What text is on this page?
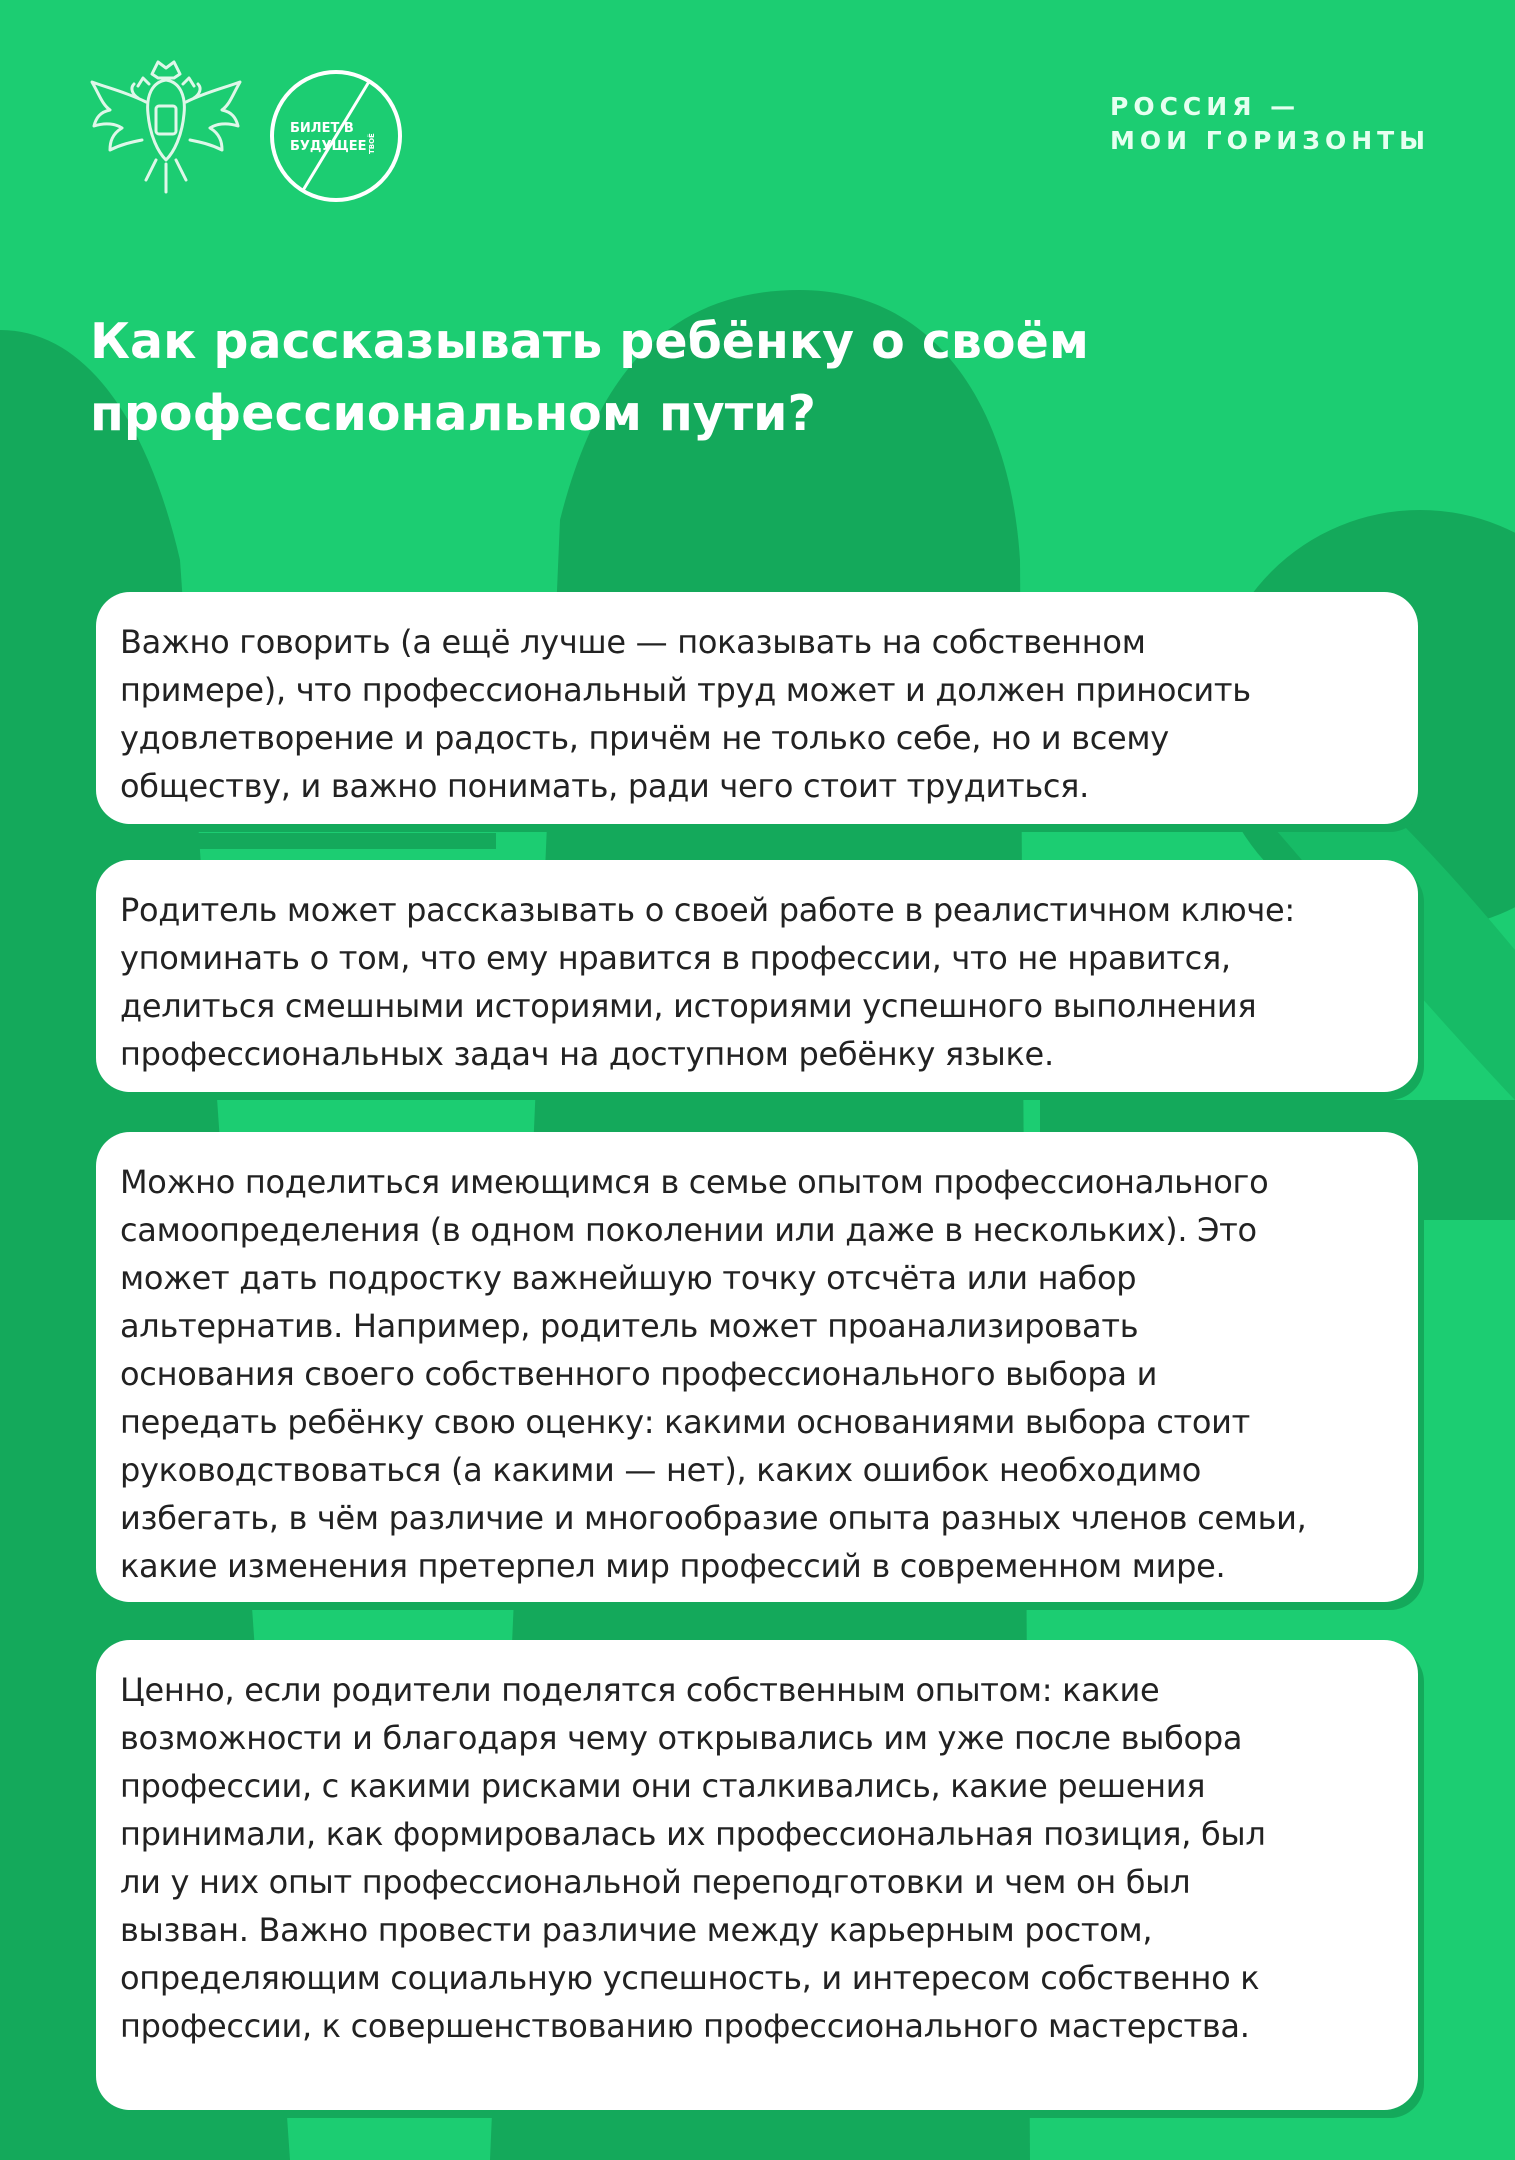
БИЛЕТ В
БУДУЩЕЕ ТВОЁ
РОССИЯ —
МОИ ГОРИЗОНТЫ
Как рассказывать ребёнку о своём
профессиональном пути?

Важно говорить (а ещё лучше — показывать на собственном
примере), что профессиональный труд может и должен приносить
удовлетворение и радость, причём не только себе, но и всему
обществу, и важно понимать, ради чего стоит трудиться.

Родитель может рассказывать о своей работе в реалистичном ключе:
упоминать о том, что ему нравится в профессии, что не нравится,
делиться смешными историями, историями успешного выполнения
профессиональных задач на доступном ребёнку языке.

Можно поделиться имеющимся в семье опытом профессионального
самоопределения (в одном поколении или даже в нескольких). Это
может дать подростку важнейшую точку отсчёта или набор
альтернатив. Например, родитель может проанализировать
основания своего собственного профессионального выбора и
передать ребёнку свою оценку: какими основаниями выбора стоит
руководствоваться (а какими — нет), каких ошибок необходимо
избегать, в чём различие и многообразие опыта разных членов семьи,
какие изменения претерпел мир профессий в современном мире.

Ценно, если родители поделятся собственным опытом: какие
возможности и благодаря чему открывались им уже после выбора
профессии, с какими рисками они сталкивались, какие решения
принимали, как формировалась их профессиональная позиция, был
ли у них опыт профессиональной переподготовки и чем он был
вызван. Важно провести различие между карьерным ростом,
определяющим социальную успешность, и интересом собственно к
профессии, к совершенствованию профессионального мастерства.
